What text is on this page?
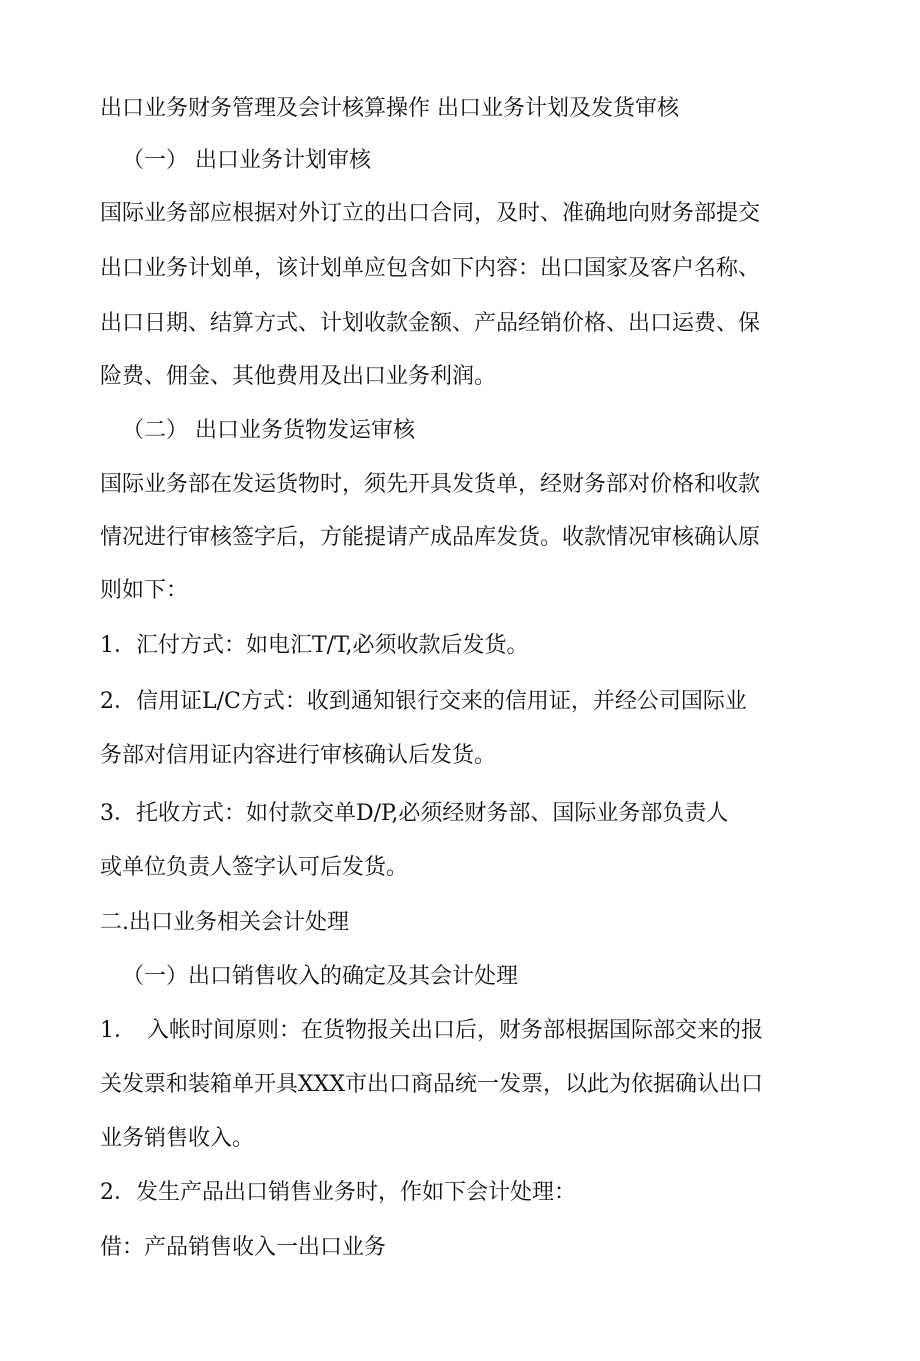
出口业务财务管理及会计核算操作 出口业务计划及发货审核

（一） 出口业务计划审核

国际业务部应根据对外订立的出口合同，及时、准确地向财务部提交

出口业务计划单，该计划单应包含如下内容：出口国家及客户名称、

出口日期、结算方式、计划收款金额、产品经销价格、出口运费、保

险费、佣金、其他费用及出口业务利润。

（二） 出口业务货物发运审核

国际业务部在发运货物时，须先开具发货单，经财务部对价格和收款

情况进行审核签字后，方能提请产成品库发货。收款情况审核确认原

则如下：

1．汇付方式：如电汇T/T,必须收款后发货。

2．信用证L/C方式：收到通知银行交来的信用证，并经公司国际业

务部对信用证内容进行审核确认后发货。

3．托收方式：如付款交单D/P,必须经财务部、国际业务部负责人

或单位负责人签字认可后发货。

二.出口业务相关会计处理

（一）出口销售收入的确定及其会计处理

1．　入帐时间原则：在货物报关出口后，财务部根据国际部交来的报

关发票和装箱单开具XXX市出口商品统一发票，以此为依据确认出口

业务销售收入。

2．发生产品出口销售业务时，作如下会计处理：

借：产品销售收入一出口业务
